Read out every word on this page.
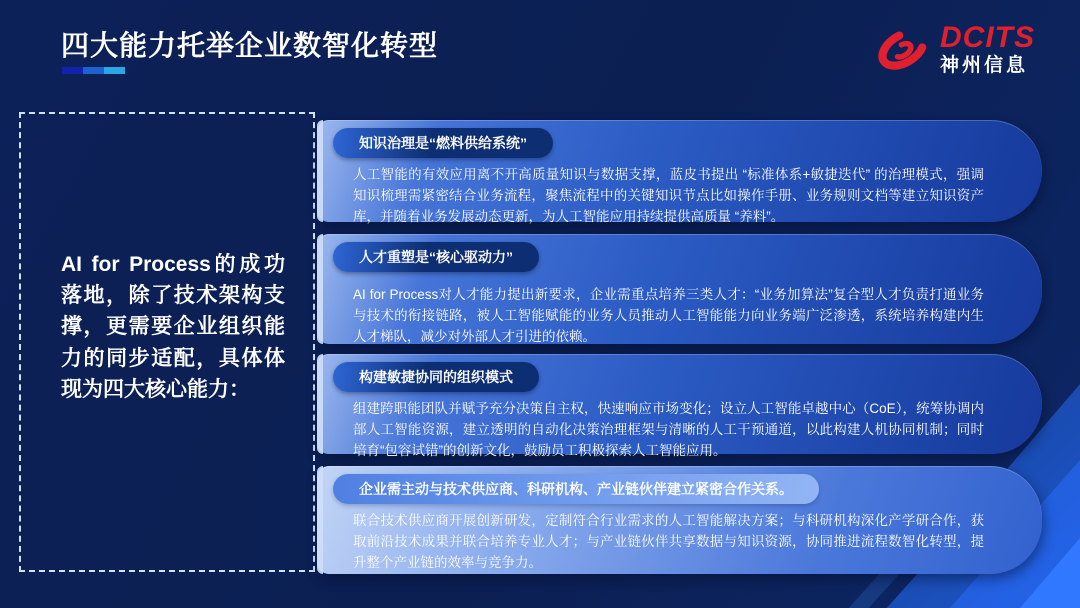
四大能力托举企业数智化转型	DCITS
神州信息
AI for Process的成功落地，除了技术架构支撑，更需要企业组织能力的同步适配，具体体现为四大核心能力：
知识治理是“燃料供给系统”
人工智能的有效应用离不开高质量知识与数据支撑，蓝皮书提出 “标准体系+敏捷迭代” 的治理模式，强调知识梳理需紧密结合业务流程，聚焦流程中的关键知识节点比如操作手册、业务规则文档等建立知识资产库，并随着业务发展动态更新，为人工智能应用持续提供高质量 “养料”。
人才重塑是“核心驱动力”
AI for Process对人才能力提出新要求，企业需重点培养三类人才：“业务加算法”复合型人才负责打通业务与技术的衔接链路，被人工智能赋能的业务人员推动人工智能能力向业务端广泛渗透，系统培养构建内生人才梯队，减少对外部人才引进的依赖。
构建敏捷协同的组织模式
组建跨职能团队并赋予充分决策自主权，快速响应市场变化；设立人工智能卓越中心（CoE），统筹协调内部人工智能资源，建立透明的自动化决策治理框架与清晰的人工干预通道，以此构建人机协同机制；同时培育“包容试错”的创新文化，鼓励员工积极探索人工智能应用。
企业需主动与技术供应商、科研机构、产业链伙伴建立紧密合作关系。
联合技术供应商开展创新研发，定制符合行业需求的人工智能解决方案；与科研机构深化产学研合作，获取前沿技术成果并联合培养专业人才；与产业链伙伴共享数据与知识资源，协同推进流程数智化转型，提升整个产业链的效率与竞争力。
